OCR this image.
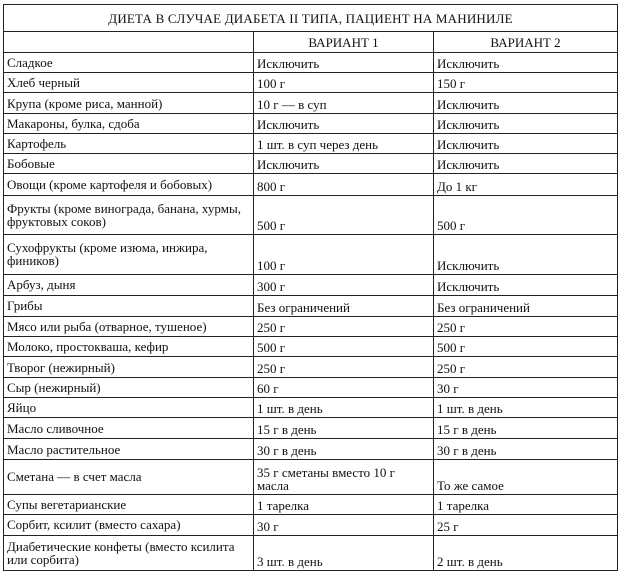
ДИЕТА В СЛУЧАЕ ДИАБЕТА II ТИПА, ПАЦИЕНТ НА МАНИНИЛЕ		
	ВАРИАНТ 1	ВАРИАНТ 2
Сладкое	Исключить	Исключить
Хлеб черный	100 г	150 г
Крупа (кроме риса, манной)	10 г — в суп	Исключить
Макароны, булка, сдоба	Исключить	Исключить
Картофель	1 шт. в суп через день	Исключить
Бобовые	Исключить	Исключить
Овощи (кроме картофеля и бобовых)	800 г	До 1 кг
Фрукты (кроме винограда, банана, хурмы, фруктовых соков)	500 г	500 г
Сухофрукты (кроме изюма, инжира, фиников)	100 г	Исключить
Арбуз, дыня	300 г	Исключить
Грибы	Без ограничений	Без ограничений
Мясо или рыба (отварное, тушеное)	250 г	250 г
Молоко, простокваша, кефир	500 г	500 г
Творог (нежирный)	250 г	250 г
Сыр (нежирный)	60 г	30 г
Яйцо	1 шт. в день	1 шт. в день
Масло сливочное	15 г в день	15 г в день
Масло растительное	30 г в день	30 г в день
Сметана — в счет масла	35 г сметаны вместо 10 г масла	То же самое
Супы вегетарианские	1 тарелка	1 тарелка
Сорбит, ксилит (вместо сахара)	30 г	25 г
Диабетические конфеты (вместо ксилита или сорбита)	3 шт. в день	2 шт. в день
